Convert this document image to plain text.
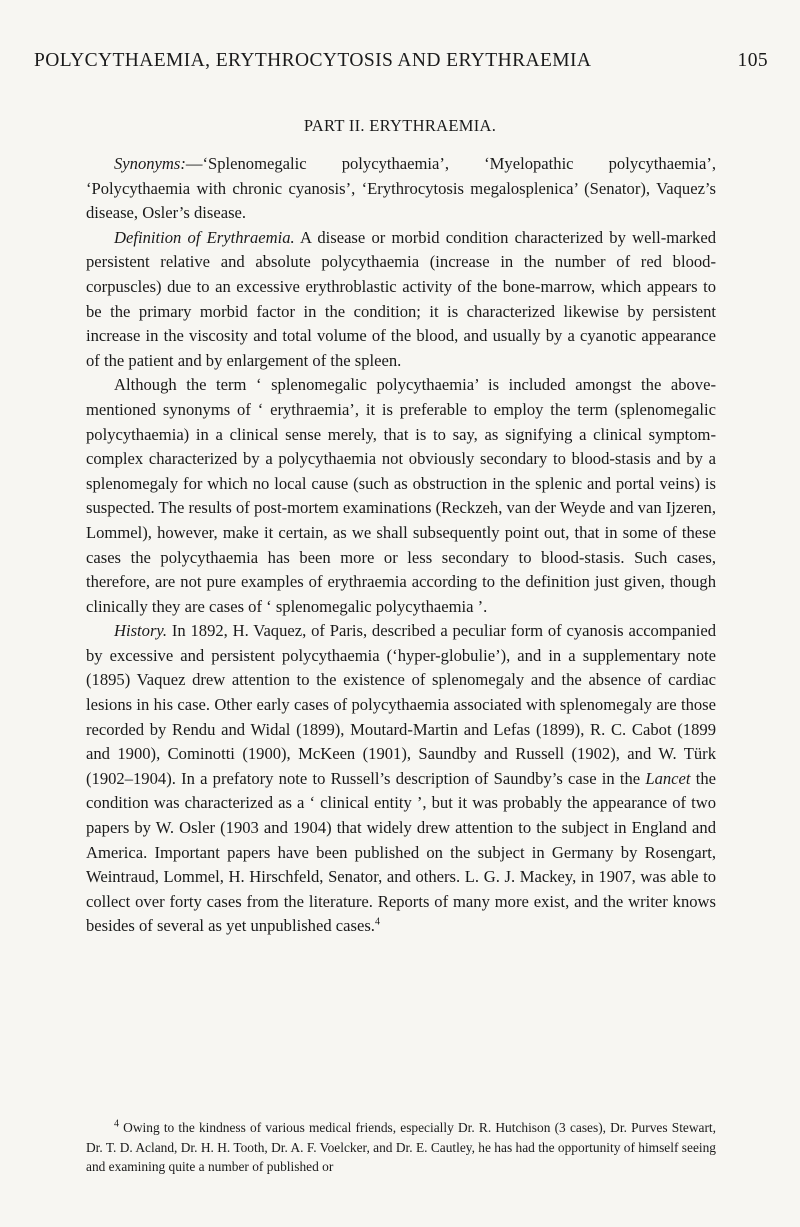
POLYCYTHAEMIA, ERYTHROCYTOSIS AND ERYTHRAEMIA	105
PART II. ERYTHRAEMIA.

Synonyms:—‘Splenomegalic polycythaemia’, ‘Myelopathic polycythaemia’, ‘Polycythaemia with chronic cyanosis’, ‘Erythrocytosis megalosplenica’ (Senator), Vaquez’s disease, Osler’s disease.

Definition of Erythraemia. A disease or morbid condition characterized by well-marked persistent relative and absolute polycythaemia (increase in the number of red blood-corpuscles) due to an excessive erythroblastic activity of the bone-marrow, which appears to be the primary morbid factor in the condition; it is characterized likewise by persistent increase in the viscosity and total volume of the blood, and usually by a cyanotic appearance of the patient and by enlargement of the spleen.

Although the term ‘ splenomegalic polycythaemia’ is included amongst the above-mentioned synonyms of ‘ erythraemia’, it is preferable to employ the term (splenomegalic polycythaemia) in a clinical sense merely, that is to say, as signifying a clinical symptom-complex characterized by a polycythaemia not obviously secondary to blood-stasis and by a splenomegaly for which no local cause (such as obstruction in the splenic and portal veins) is suspected. The results of post-mortem examinations (Reckzeh, van der Weyde and van Ijzeren, Lommel), however, make it certain, as we shall subsequently point out, that in some of these cases the polycythaemia has been more or less secondary to blood-stasis. Such cases, therefore, are not pure examples of erythraemia according to the definition just given, though clinically they are cases of ‘ splenomegalic polycythaemia ’.

History. In 1892, H. Vaquez, of Paris, described a peculiar form of cyanosis accompanied by excessive and persistent polycythaemia (‘hyper-globulie’), and in a supplementary note (1895) Vaquez drew attention to the existence of splenomegaly and the absence of cardiac lesions in his case. Other early cases of polycythaemia associated with splenomegaly are those recorded by Rendu and Widal (1899), Moutard-Martin and Lefas (1899), R. C. Cabot (1899 and 1900), Cominotti (1900), McKeen (1901), Saundby and Russell (1902), and W. Türk (1902–1904). In a prefatory note to Russell’s description of Saundby’s case in the Lancet the condition was characterized as a ‘ clinical entity ’, but it was probably the appearance of two papers by W. Osler (1903 and 1904) that widely drew attention to the subject in England and America. Important papers have been published on the subject in Germany by Rosengart, Weintraud, Lommel, H. Hirschfeld, Senator, and others. L. G. J. Mackey, in 1907, was able to collect over forty cases from the literature. Reports of many more exist, and the writer knows besides of several as yet unpublished cases.$^4$

$^4$ Owing to the kindness of various medical friends, especially Dr. R. Hutchison (3 cases), Dr. Purves Stewart, Dr. T. D. Acland, Dr. H. H. Tooth, Dr. A. F. Voelcker, and Dr. E. Cautley, he has had the opportunity of himself seeing and examining quite a number of published or
